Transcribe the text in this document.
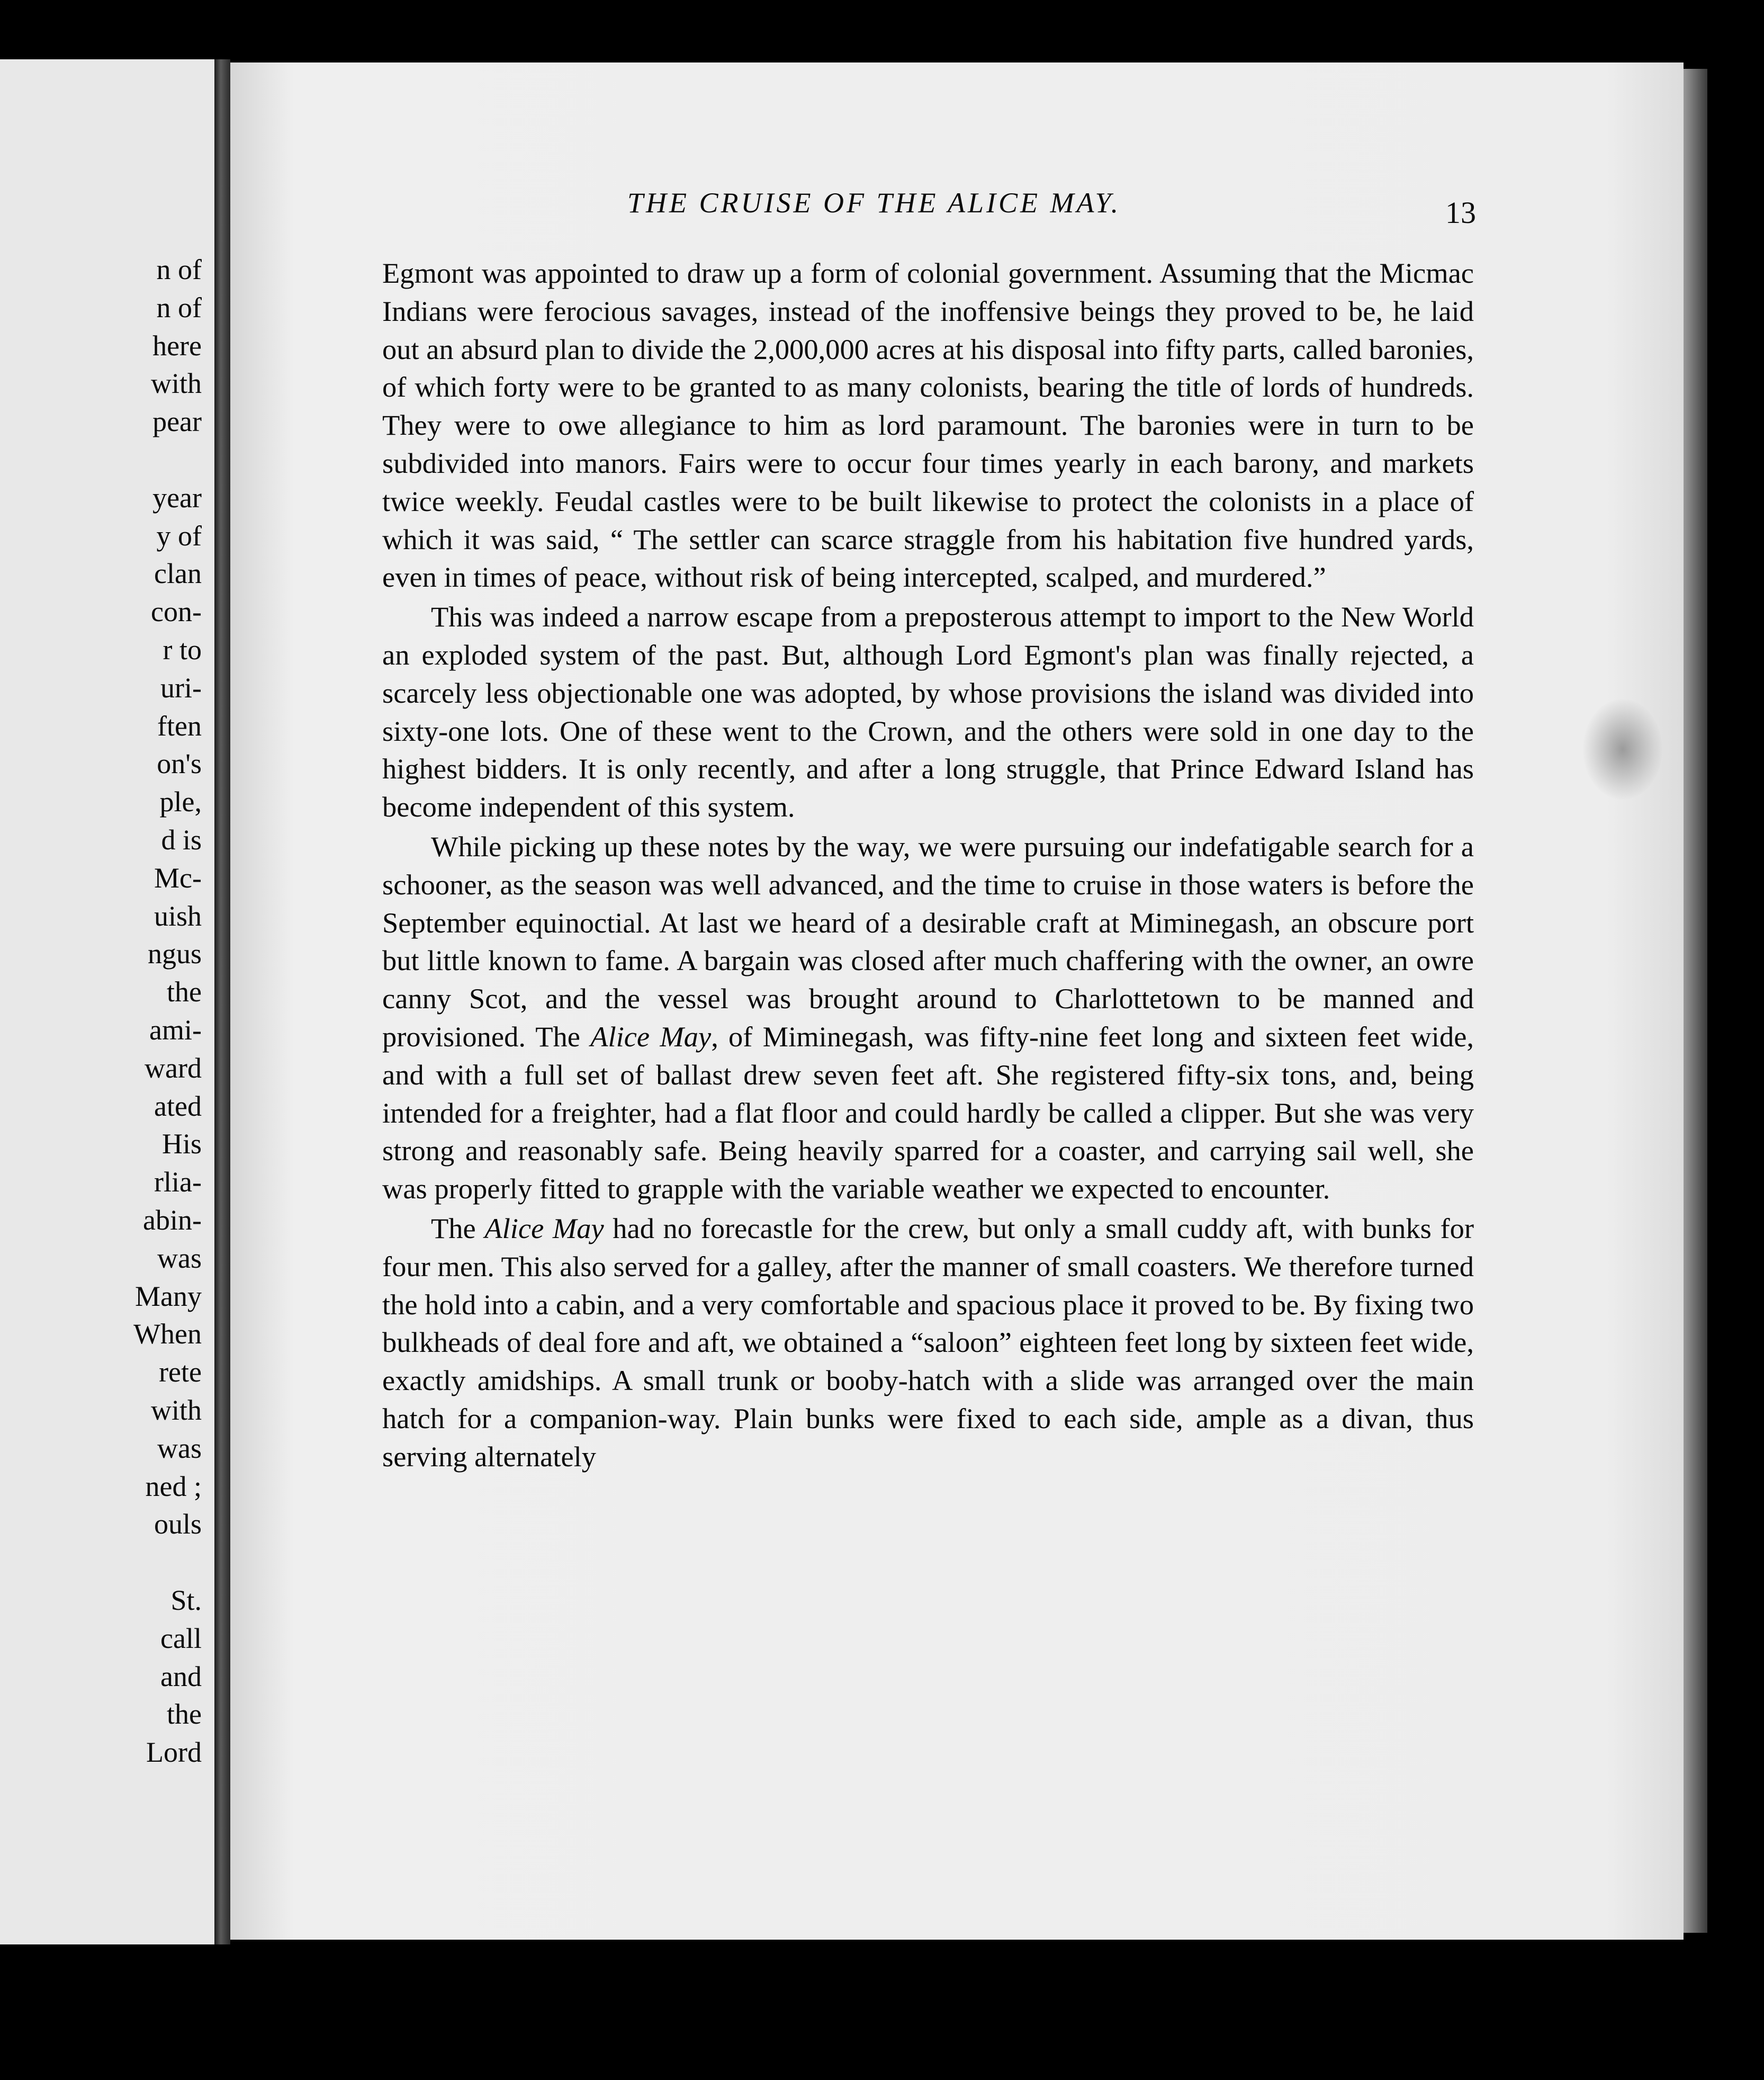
n of
n of
here
with
pear
year
y of
clan
con-
r to
uri-
ften
on's
ple,
d is
Mc-
uish
ngus
the
ami-
ward
ated
His
rlia-
abin-
was
Many
When
rete
with
was
ned ;
ouls
St.
call
and
the
Lord
THE CRUISE OF THE ALICE MAY.	13

Egmont was appointed to draw up a form of colonial government. Assuming that the Micmac Indians were ferocious savages, instead of the inoffensive beings they proved to be, he laid out an absurd plan to divide the 2,000,000 acres at his disposal into fifty parts, called baronies, of which forty were to be granted to as many colonists, bearing the title of lords of hundreds. They were to owe allegiance to him as lord paramount. The baronies were in turn to be subdivided into manors. Fairs were to occur four times yearly in each barony, and markets twice weekly. Feudal castles were to be built likewise to protect the colonists in a place of which it was said, “ The settler can scarce straggle from his habitation five hundred yards, even in times of peace, without risk of being intercepted, scalped, and murdered.”

This was indeed a narrow escape from a preposterous attempt to import to the New World an exploded system of the past. But, although Lord Egmont's plan was finally rejected, a scarcely less objectionable one was adopted, by whose provisions the island was divided into sixty-one lots. One of these went to the Crown, and the others were sold in one day to the highest bidders. It is only recently, and after a long struggle, that Prince Edward Island has become independent of this system.

While picking up these notes by the way, we were pursuing our indefatigable search for a schooner, as the season was well advanced, and the time to cruise in those waters is before the September equinoctial. At last we heard of a desirable craft at Miminegash, an obscure port but little known to fame. A bargain was closed after much chaffering with the owner, an owre canny Scot, and the vessel was brought around to Charlottetown to be manned and provisioned. The Alice May, of Miminegash, was fifty-nine feet long and sixteen feet wide, and with a full set of ballast drew seven feet aft. She registered fifty-six tons, and, being intended for a freighter, had a flat floor and could hardly be called a clipper. But she was very strong and reasonably safe. Being heavily sparred for a coaster, and carrying sail well, she was properly fitted to grapple with the variable weather we expected to encounter.

The Alice May had no forecastle for the crew, but only a small cuddy aft, with bunks for four men. This also served for a galley, after the manner of small coasters. We therefore turned the hold into a cabin, and a very comfortable and spacious place it proved to be. By fixing two bulkheads of deal fore and aft, we obtained a “saloon” eighteen feet long by sixteen feet wide, exactly amidships. A small trunk or booby-hatch with a slide was arranged over the main hatch for a companion-way. Plain bunks were fixed to each side, ample as a divan, thus serving alternately
